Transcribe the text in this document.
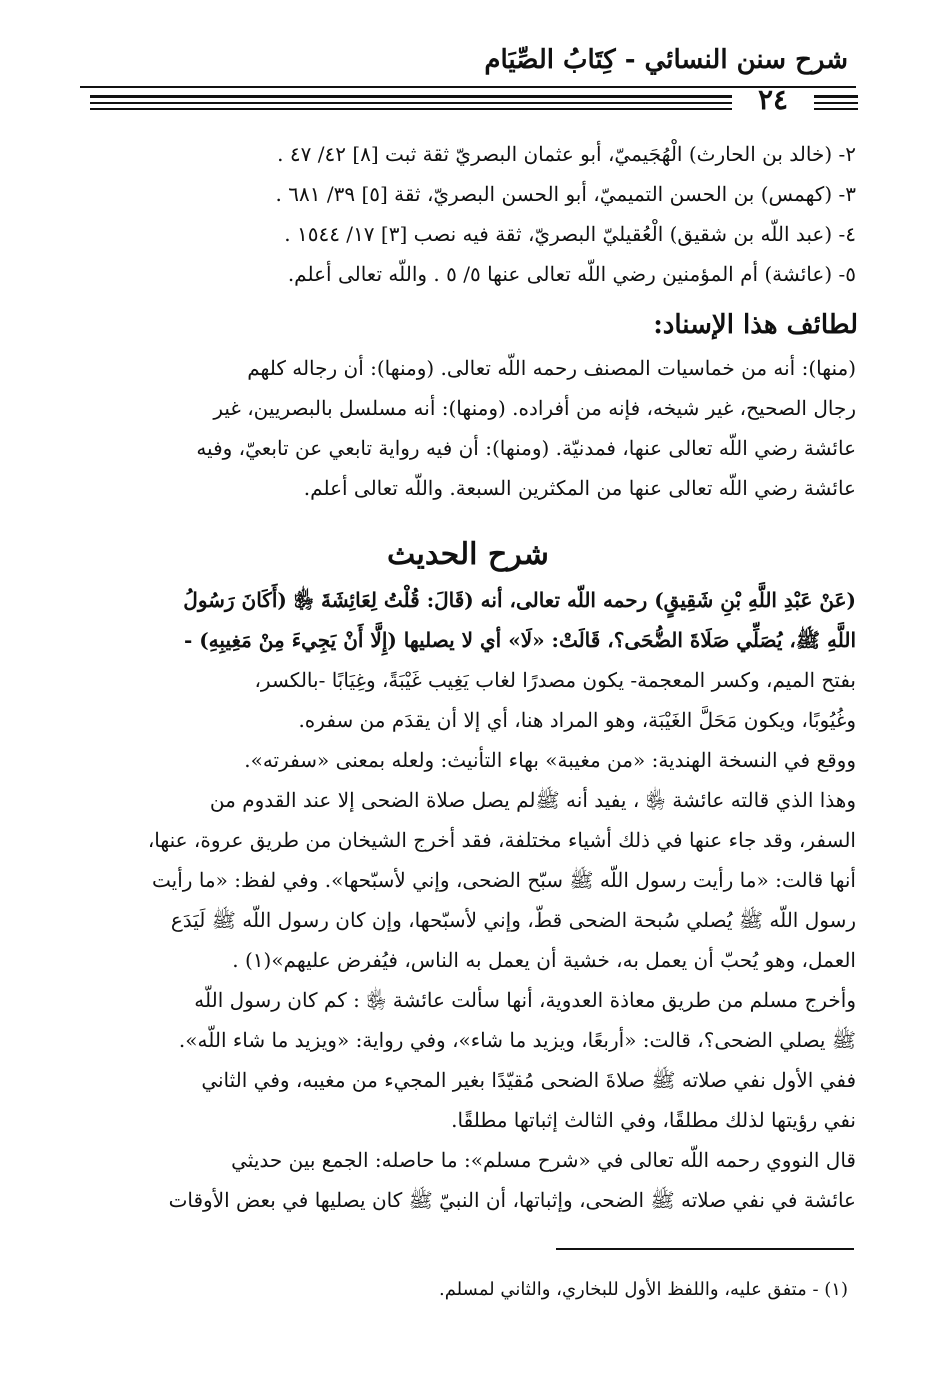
شرح سنن النسائي - كِتَابُ الصِّيَام
٢٤
٢- (خالد بن الحارث) الْهُجَيميّ، أبو عثمان البصريّ ثقة ثبت [٨] ٤٢/ ٤٧ .
٣- (كهمس) بن الحسن التميميّ، أبو الحسن البصريّ، ثقة [٥] ٣٩/ ٦٨١ .
٤- (عبد اللّه بن شقيق) الْعُقيليّ البصريّ، ثقة فيه نصب [٣] ١٧/ ١٥٤٤ .
٥- (عائشة) أم المؤمنين رضي اللّه تعالى عنها ٥/ ٥ . واللّه تعالى أعلم.
لطائف هذا الإسناد:
(منها): أنه من خماسيات المصنف رحمه اللّه تعالى. (ومنها): أن رجاله كلهم
رجال الصحيح، غير شيخه، فإنه من أفراده. (ومنها): أنه مسلسل بالبصريين، غير
عائشة رضي اللّه تعالى عنها، فمدنيّة. (ومنها): أن فيه رواية تابعي عن تابعيّ، وفيه
عائشة رضي اللّه تعالى عنها من المكثرين السبعة. واللّه تعالى أعلم.
شرح الحديث
(عَنْ عَبْدِ اللَّهِ بْنِ شَقِيقٍ) رحمه اللّه تعالى، أنه (قَالَ: قُلْتُ لِعَائِشَةَ ﵂ (أَكَانَ رَسُولُ
اللَّهِ ﷺ، يُصَلِّي صَلَاةَ الضُّحَى؟، قَالَتْ: «لَا» أي لا يصليها (إِلَّا أَنْ يَجِيءَ مِنْ مَغِيبِهِ) -
بفتح الميم، وكسر المعجمة- يكون مصدرًا لغاب يَغِيب غَيْبَةً، وغِيَابًا -بالكسر،
وغُيُوبًا، ويكون مَحَلَّ الغَيْبَة، وهو المراد هنا، أي إلا أن يقدَم من سفره.
ووقع في النسخة الهندية: «من مغيبة» بهاء التأنيث: ولعله بمعنى «سفرته».
وهذا الذي قالته عائشة ﵂ ، يفيد أنه ﷺلم يصل صلاة الضحى إلا عند القدوم من
السفر، وقد جاء عنها في ذلك أشياء مختلفة، فقد أخرج الشيخان من طريق عروة، عنها،
أنها قالت: «ما رأيت رسول اللّه ﷺ سبّح الضحى، وإني لأسبّحها». وفي لفظ: «ما رأيت
رسول اللّه ﷺ يُصلي سُبحة الضحى قطّ، وإني لأسبّحها، وإن كان رسول اللّه ﷺ لَيَدَع
العمل، وهو يُحبّ أن يعمل به، خشية أن يعمل به الناس، فيُفرض عليهم»(١) .
وأخرج مسلم من طريق معاذة العدوية، أنها سألت عائشة ﵂ : كم كان رسول اللّه
ﷺ يصلي الضحى؟، قالت: «أربعًا، ويزيد ما شاء»، وفي رواية: «ويزيد ما شاء اللّه».
ففي الأول نفي صلاته ﷺ صلاةَ الضحى مُقيّدًا بغير المجيء من مغيبه، وفي الثاني
نفي رؤيتها لذلك مطلقًا، وفي الثالث إثباتها مطلقًا.
قال النووي رحمه اللّه تعالى في «شرح مسلم»: ما حاصله: الجمع بين حديثي
عائشة في نفي صلاته ﷺ الضحى، وإثباتها، أن النبيّ ﷺ كان يصليها في بعض الأوقات
(١) - متفق عليه، واللفظ الأول للبخاري، والثاني لمسلم.
